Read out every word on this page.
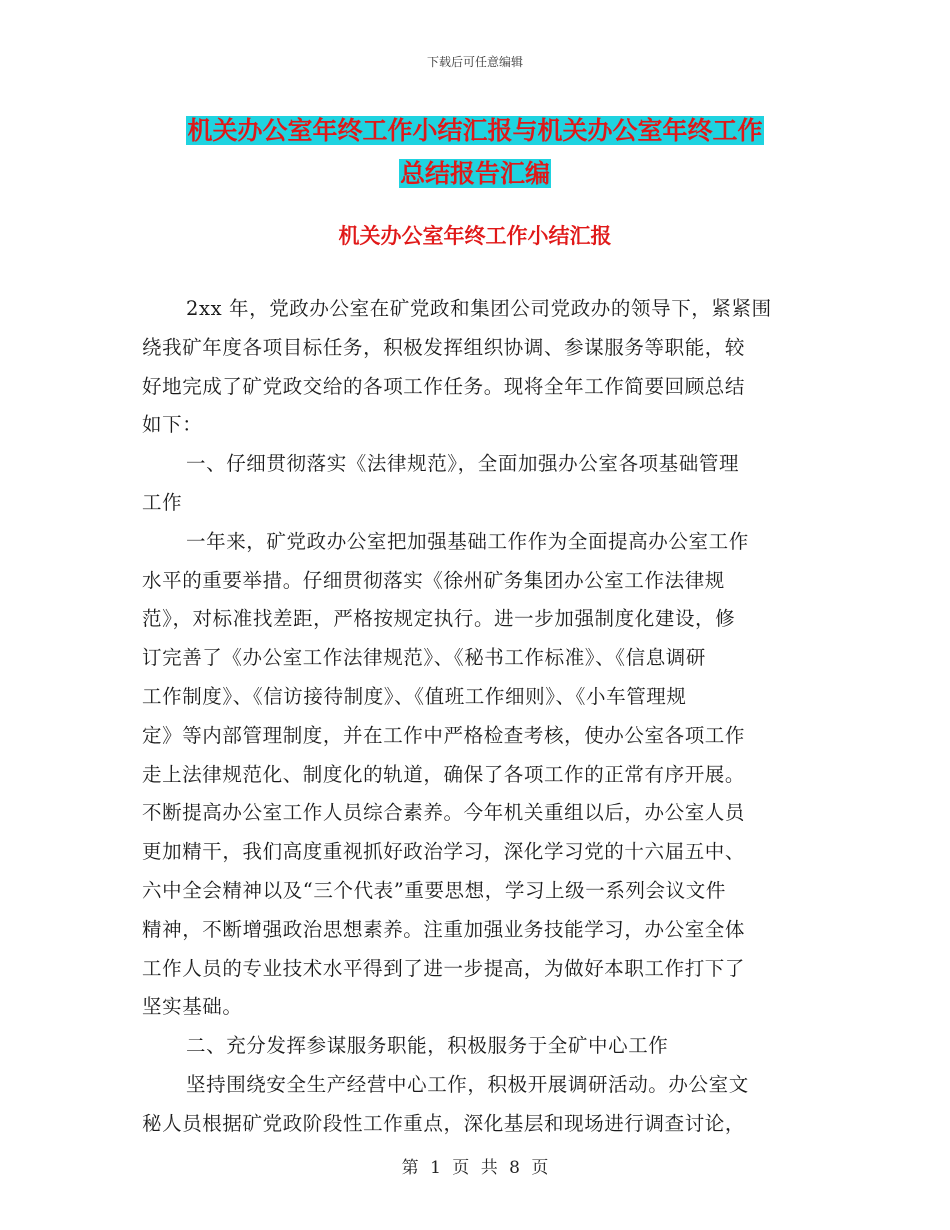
下载后可任意编辑
机关办公室年终工作小结汇报与机关办公室年终工作
总结报告汇编
机关办公室年终工作小结汇报
2xx 年，党政办公室在矿党政和集团公司党政办的领导下，紧紧围
绕我矿年度各项目标任务，积极发挥组织协调、参谋服务等职能，较
好地完成了矿党政交给的各项工作任务。现将全年工作简要回顾总结
如下：
一、仔细贯彻落实《法律规范》，全面加强办公室各项基础管理
工作
一年来，矿党政办公室把加强基础工作作为全面提高办公室工作
水平的重要举措。仔细贯彻落实《徐州矿务集团办公室工作法律规
范》，对标准找差距，严格按规定执行。进一步加强制度化建设，修
订完善了《办公室工作法律规范》、《秘书工作标准》、《信息调研
工作制度》、《信访接待制度》、《值班工作细则》、《小车管理规
定》等内部管理制度，并在工作中严格检查考核，使办公室各项工作
走上法律规范化、制度化的轨道，确保了各项工作的正常有序开展。
不断提高办公室工作人员综合素养。今年机关重组以后，办公室人员
更加精干，我们高度重视抓好政治学习，深化学习党的十六届五中、
六中全会精神以及“三个代表”重要思想，学习上级一系列会议文件
精神，不断增强政治思想素养。注重加强业务技能学习，办公室全体
工作人员的专业技术水平得到了进一步提高，为做好本职工作打下了
坚实基础。
二、充分发挥参谋服务职能，积极服务于全矿中心工作
坚持围绕安全生产经营中心工作，积极开展调研活动。办公室文
秘人员根据矿党政阶段性工作重点，深化基层和现场进行调查讨论，
第 1 页 共 8 页
